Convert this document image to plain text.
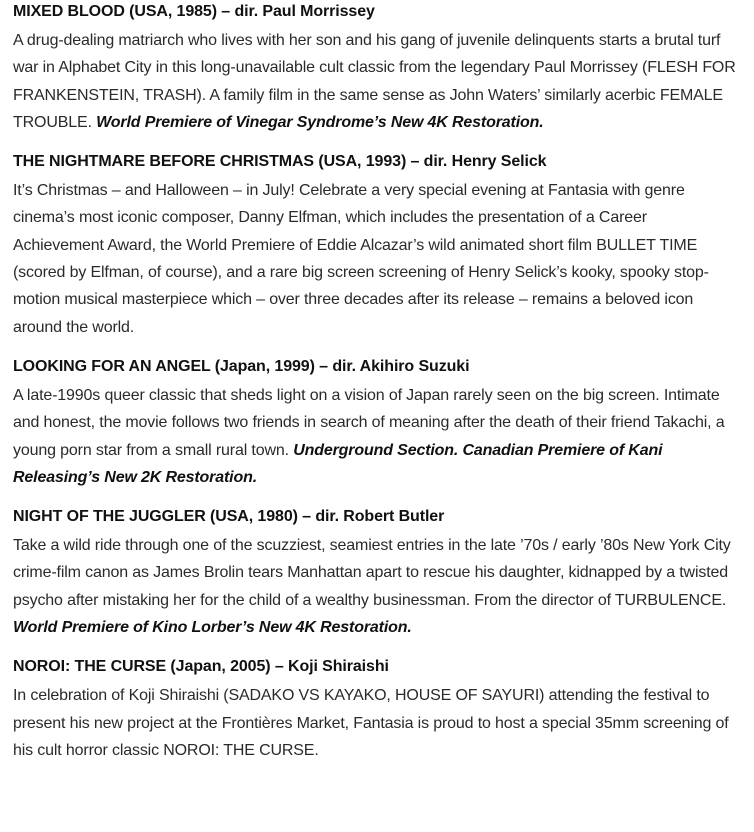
MIXED BLOOD (USA, 1985) – dir. Paul Morrissey

A drug-dealing matriarch who lives with her son and his gang of juvenile delinquents starts a brutal turf war in Alphabet City in this long-unavailable cult classic from the legendary Paul Morrissey (FLESH FOR FRANKENSTEIN, TRASH). A family film in the same sense as John Waters’ similarly acerbic FEMALE TROUBLE. World Premiere of Vinegar Syndrome’s New 4K Restoration.

THE NIGHTMARE BEFORE CHRISTMAS (USA, 1993) – dir. Henry Selick

It’s Christmas – and Halloween – in July! Celebrate a very special evening at Fantasia with genre cinema’s most iconic composer, Danny Elfman, which includes the presentation of a Career Achievement Award, the World Premiere of Eddie Alcazar’s wild animated short film BULLET TIME (scored by Elfman, of course), and a rare big screen screening of Henry Selick’s kooky, spooky stop-motion musical masterpiece which – over three decades after its release – remains a beloved icon around the world.

LOOKING FOR AN ANGEL (Japan, 1999) – dir. Akihiro Suzuki

A late-1990s queer classic that sheds light on a vision of Japan rarely seen on the big screen. Intimate and honest, the movie follows two friends in search of meaning after the death of their friend Takachi, a young porn star from a small rural town. Underground Section. Canadian Premiere of Kani Releasing’s New 2K Restoration.

NIGHT OF THE JUGGLER (USA, 1980) – dir. Robert Butler

Take a wild ride through one of the scuzziest, seamiest entries in the late ’70s / early ’80s New York City crime-film canon as James Brolin tears Manhattan apart to rescue his daughter, kidnapped by a twisted psycho after mistaking her for the child of a wealthy businessman. From the director of TURBULENCE. World Premiere of Kino Lorber’s New 4K Restoration.

NOROI: THE CURSE (Japan, 2005) – Koji Shiraishi

In celebration of Koji Shiraishi (SADAKO VS KAYAKO, HOUSE OF SAYURI) attending the festival to present his new project at the Frontières Market, Fantasia is proud to host a special 35mm screening of his cult horror classic NOROI: THE CURSE.
